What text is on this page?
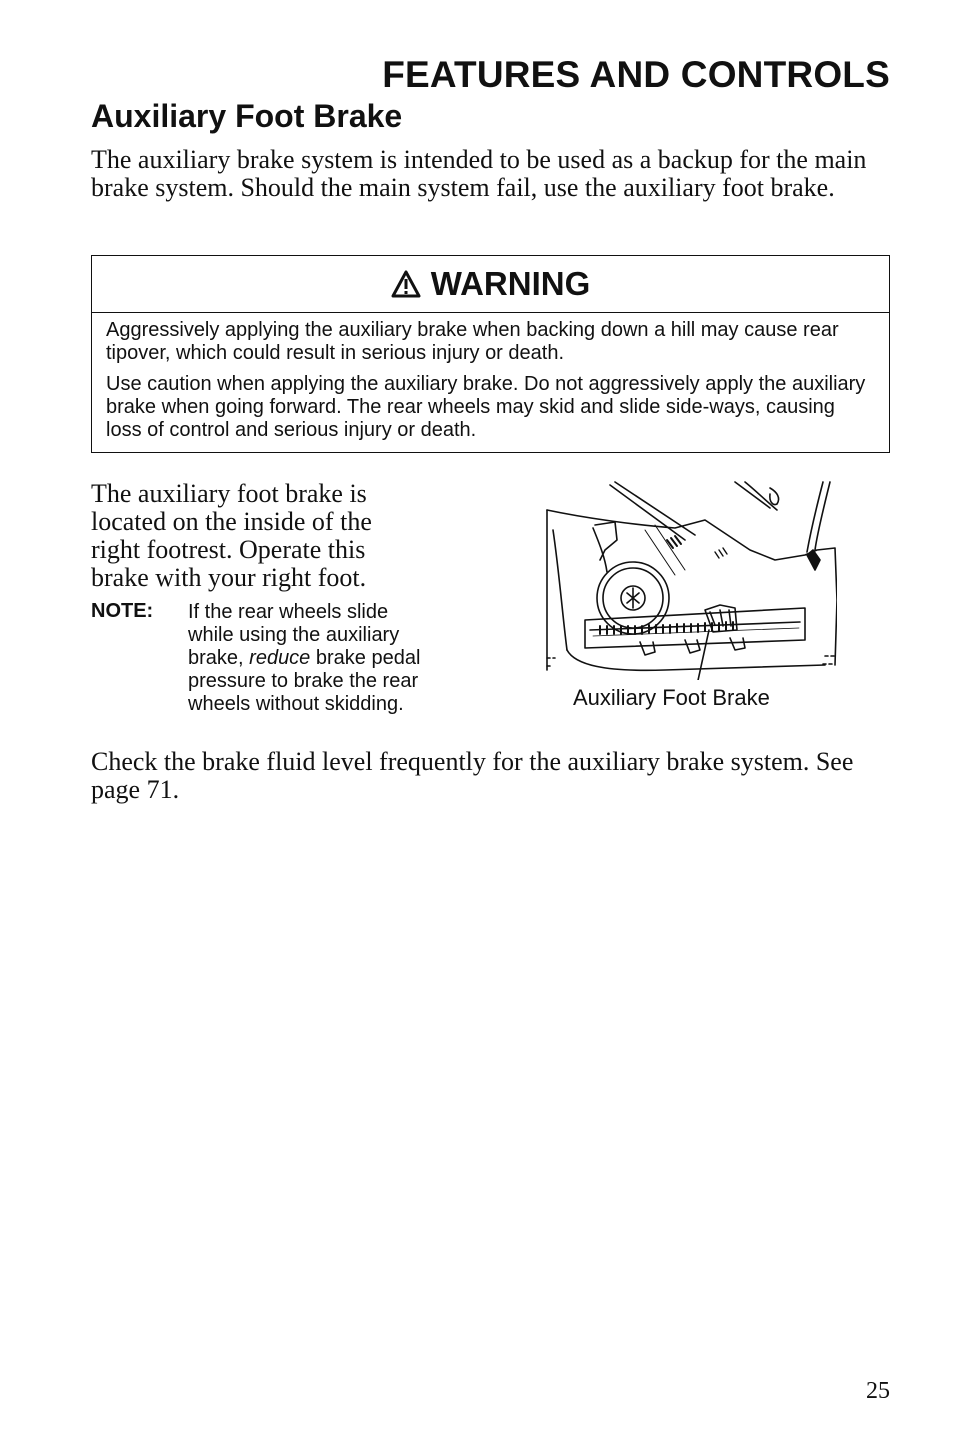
FEATURES AND CONTROLS
Auxiliary Foot Brake
The auxiliary brake system is intended to be used as a backup for the main brake system. Should the main system fail, use the auxiliary foot brake.
WARNING

Aggressively applying the auxiliary brake when backing down a hill may cause rear tipover, which could result in serious injury or death.

Use caution when applying the auxiliary brake. Do not aggressively apply the auxiliary brake when going forward. The rear wheels may skid and slide side-ways, causing loss of control and serious injury or death.

The auxiliary foot brake is located on the inside of the right footrest. Operate this brake with your right foot.
NOTE: If the rear wheels slide while using the auxiliary brake, reduce brake pedal pressure to brake the rear wheels without skidding.	Auxiliary Foot Brake
Check the brake fluid level frequently for the auxiliary brake system. See page 71.
25
